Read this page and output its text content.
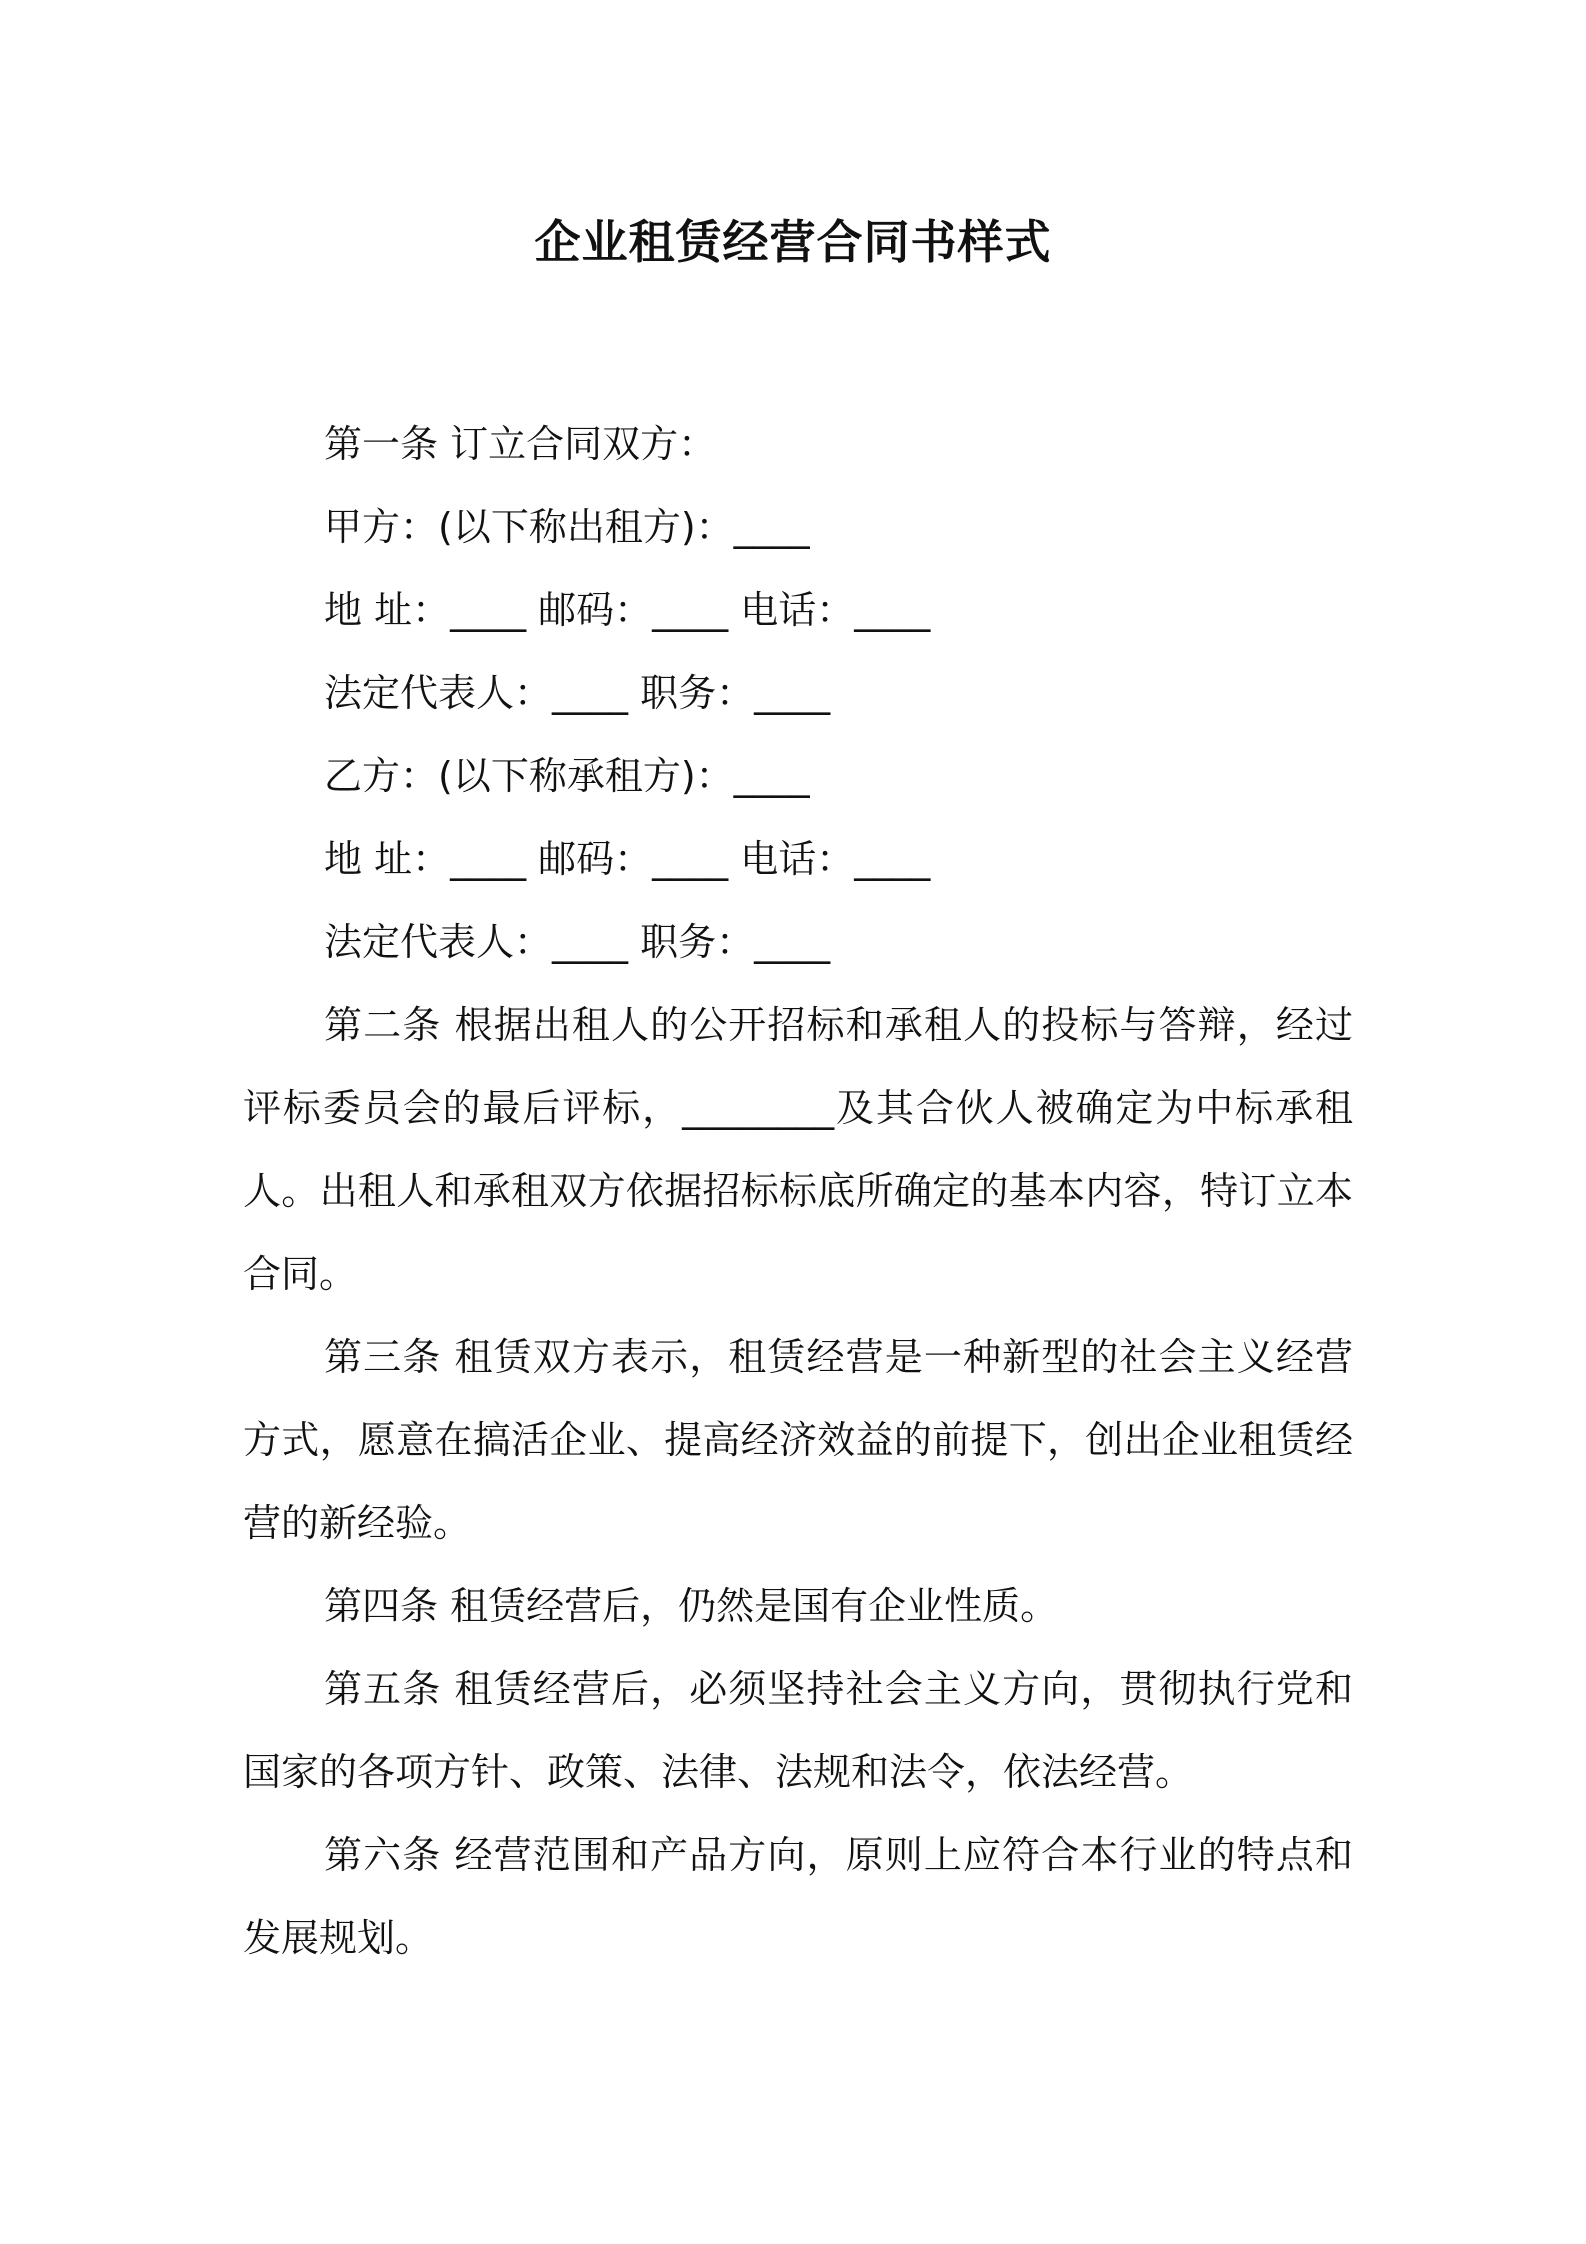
企业租赁经营合同书样式

第一条 订立合同双方：

甲方：(以下称出租方)：____

地 址：____ 邮码：____ 电话：____

法定代表人：____ 职务：____

乙方：(以下称承租方)：____

地 址：____ 邮码：____ 电话：____

法定代表人：____ 职务：____

第二条 根据出租人的公开招标和承租人的投标与答辩，经过评标委员会的最后评标，________及其合伙人被确定为中标承租人。出租人和承租双方依据招标标底所确定的基本内容，特订立本合同。

第三条 租赁双方表示，租赁经营是一种新型的社会主义经营方式，愿意在搞活企业、提高经济效益的前提下，创出企业租赁经营的新经验。

第四条 租赁经营后，仍然是国有企业性质。

第五条 租赁经营后，必须坚持社会主义方向，贯彻执行党和国家的各项方针、政策、法律、法规和法令，依法经营。

第六条 经营范围和产品方向，原则上应符合本行业的特点和发展规划。
